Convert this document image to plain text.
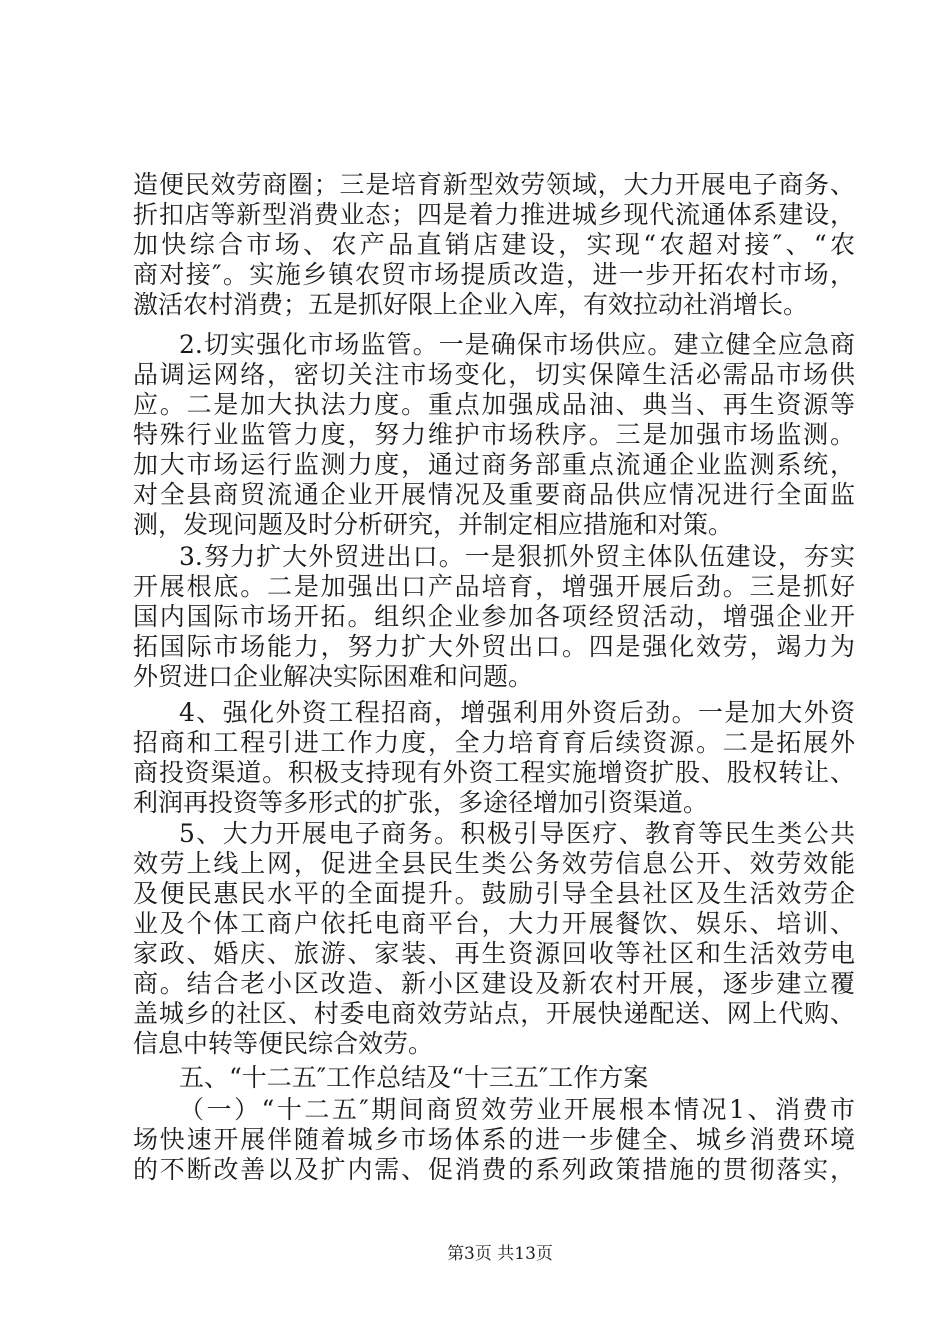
造便民效劳商圈；三是培育新型效劳领域，大力开展电子商务、
折扣店等新型消费业态；四是着力推进城乡现代流通体系建设，
加快综合市场、农产品直销店建设，实现“农超对接″、“农
商对接″。实施乡镇农贸市场提质改造，进一步开拓农村市场，
激活农村消费；五是抓好限上企业入库，有效拉动社消增长。
2.切实强化市场监管。一是确保市场供应。建立健全应急商
品调运网络，密切关注市场变化，切实保障生活必需品市场供
应。二是加大执法力度。重点加强成品油、典当、再生资源等
特殊行业监管力度，努力维护市场秩序。三是加强市场监测。
加大市场运行监测力度，通过商务部重点流通企业监测系统，
对全县商贸流通企业开展情况及重要商品供应情况进行全面监
测，发现问题及时分析研究，并制定相应措施和对策。
3.努力扩大外贸进出口。一是狠抓外贸主体队伍建设，夯实
开展根底。二是加强出口产品培育，增强开展后劲。三是抓好
国内国际市场开拓。组织企业参加各项经贸活动，增强企业开
拓国际市场能力，努力扩大外贸出口。四是强化效劳，竭力为
外贸进口企业解决实际困难和问题。
4、强化外资工程招商，增强利用外资后劲。一是加大外资
招商和工程引进工作力度，全力培育育后续资源。二是拓展外
商投资渠道。积极支持现有外资工程实施增资扩股、股权转让、
利润再投资等多形式的扩张，多途径增加引资渠道。
5、大力开展电子商务。积极引导医疗、教育等民生类公共
效劳上线上网，促进全县民生类公务效劳信息公开、效劳效能
及便民惠民水平的全面提升。鼓励引导全县社区及生活效劳企
业及个体工商户依托电商平台，大力开展餐饮、娱乐、培训、
家政、婚庆、旅游、家装、再生资源回收等社区和生活效劳电
商。结合老小区改造、新小区建设及新农村开展，逐步建立覆
盖城乡的社区、村委电商效劳站点，开展快递配送、网上代购、
信息中转等便民综合效劳。
五、“十二五″工作总结及“十三五″工作方案
（一）“十二五″期间商贸效劳业开展根本情况1、消费市
场快速开展伴随着城乡市场体系的进一步健全、城乡消费环境
的不断改善以及扩内需、促消费的系列政策措施的贯彻落实，
第3页 共13页
